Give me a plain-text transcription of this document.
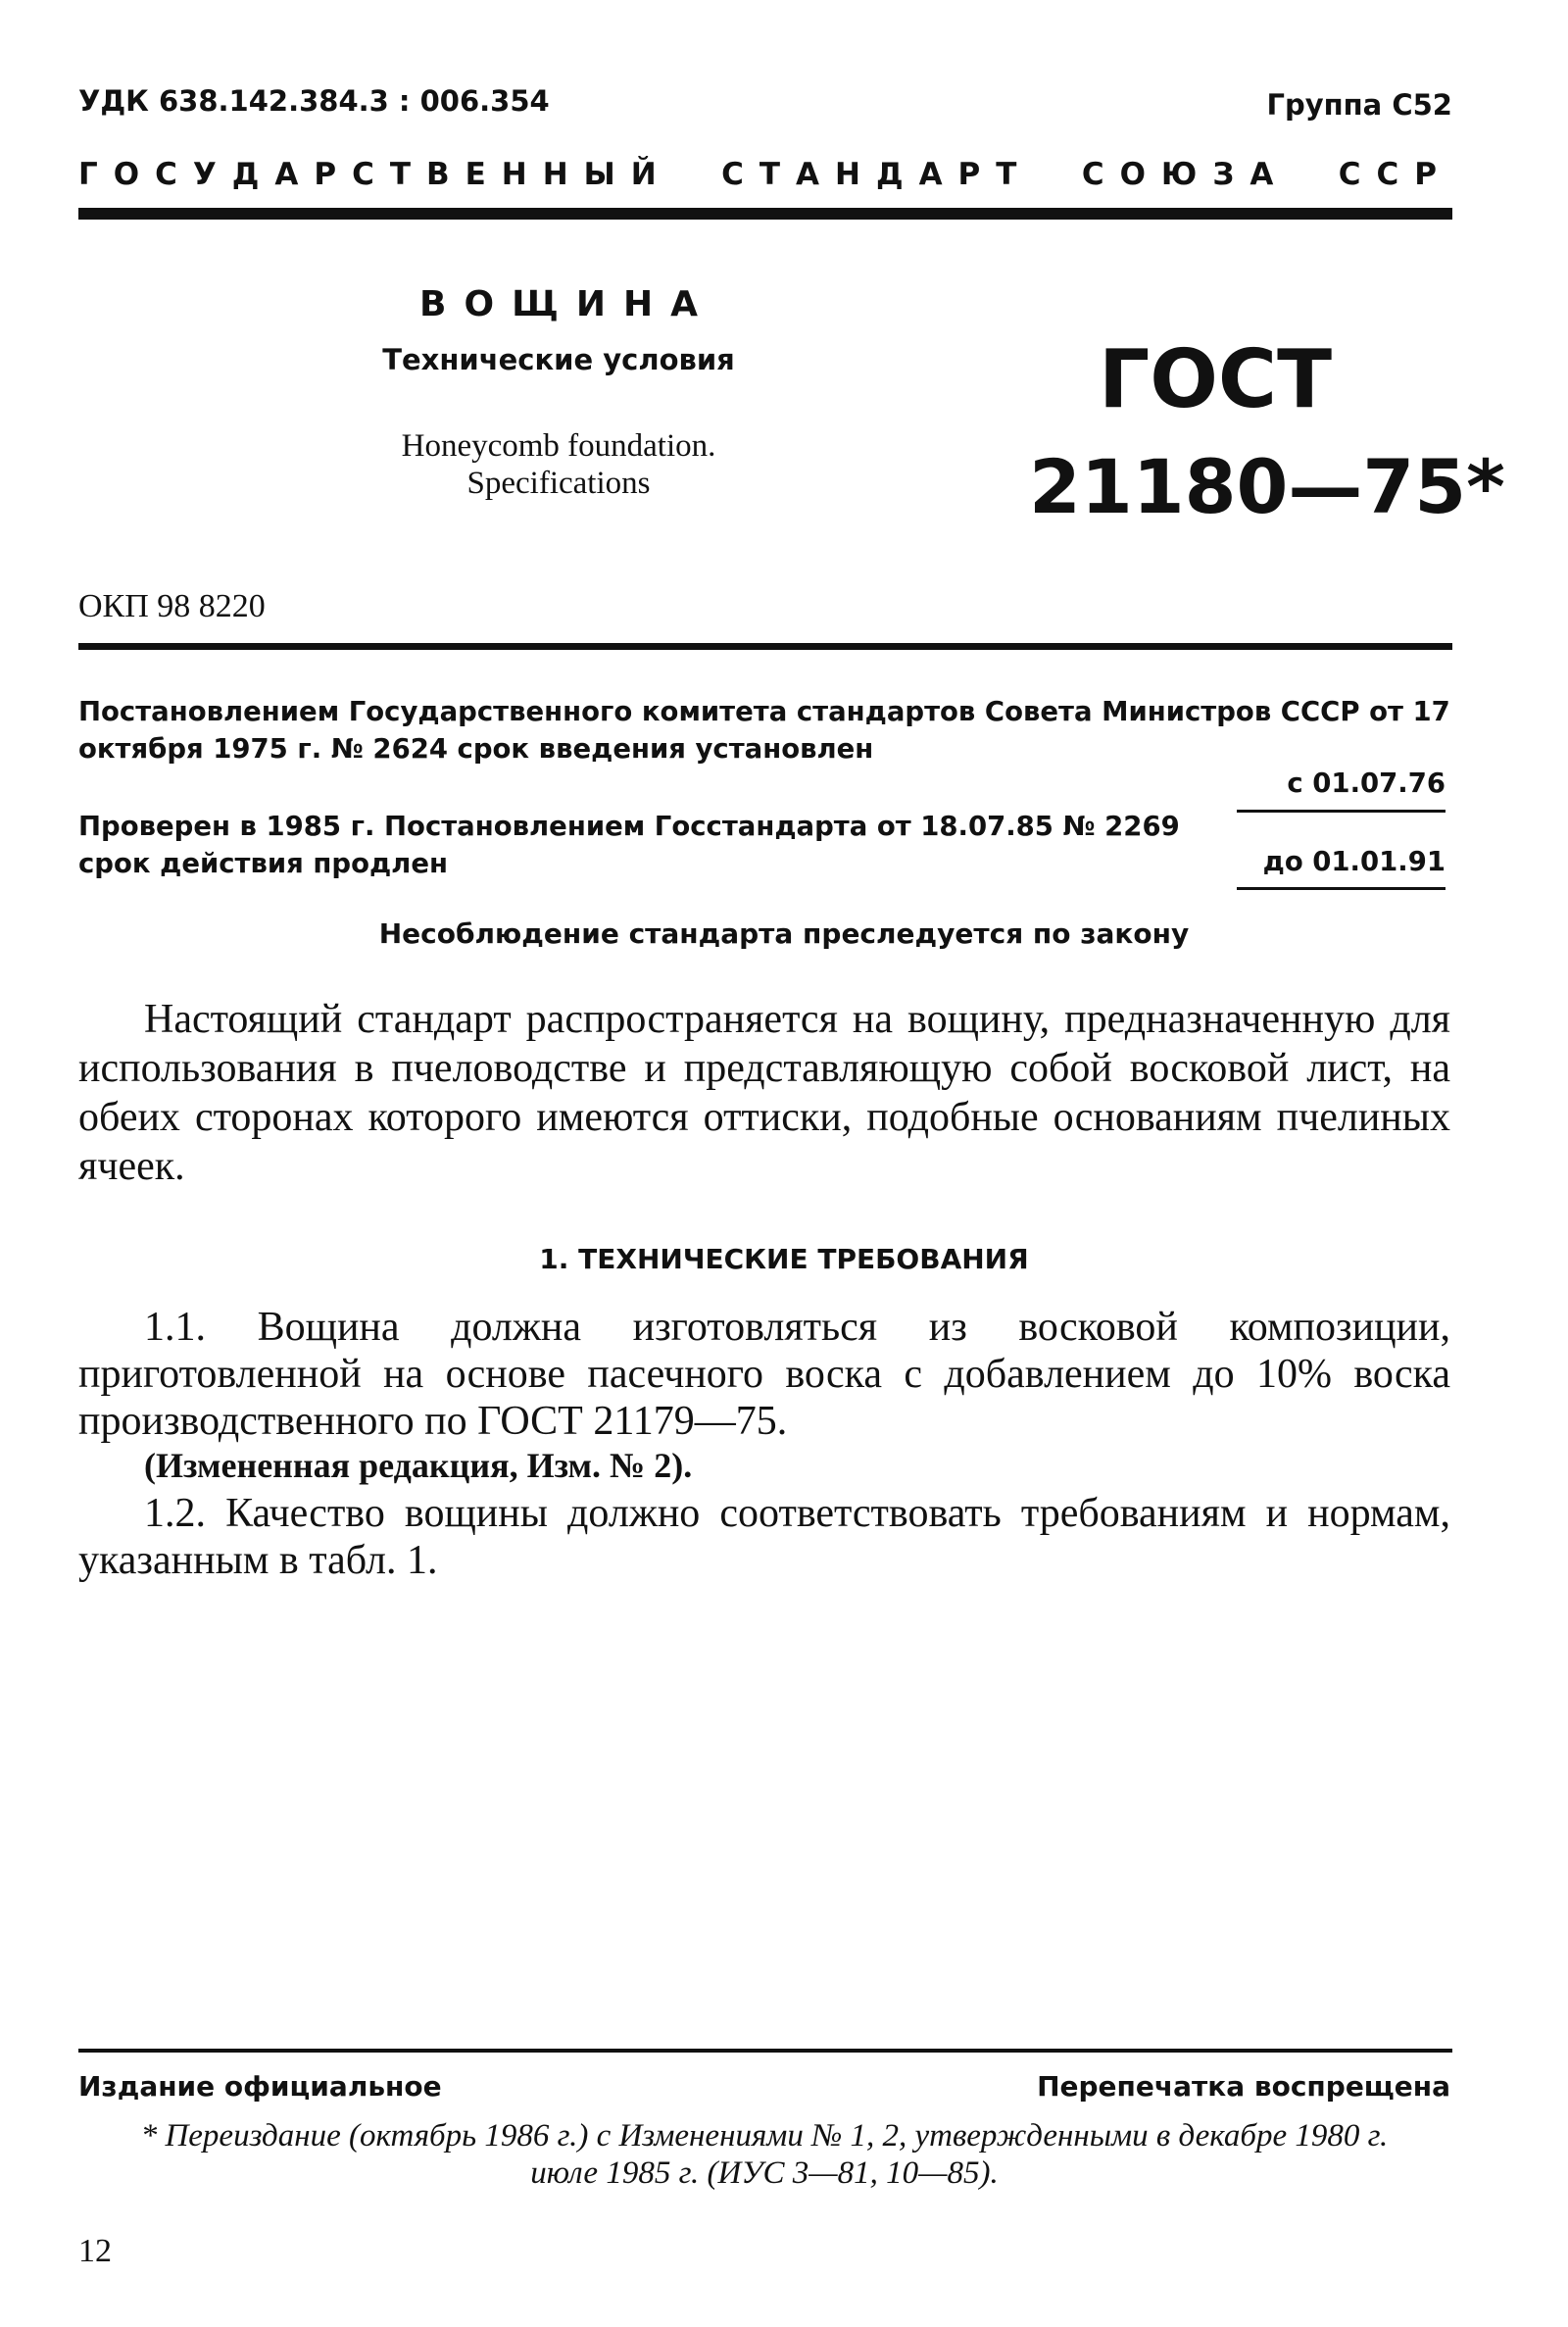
УДК 638.142.384.3 : 006.354	Группа С52
ГОСУДАРСТВЕННЫЙ СТАНДАРТ СОЮЗА ССР
ВОЩИНА
Технические условия
Honeycomb foundation. Specifications
ГОСТ
21180—75*
ОКП 98 8220
Постановлением Государственного комитета стандартов Совета Министров СССР от 17 октября 1975 г. № 2624 срок введения установлен
с 01.07.76
Проверен в 1985 г. Постановлением Госстандарта от 18.07.85 № 2269 срок действия продлен	до 01.01.91
Несоблюдение стандарта преследуется по закону
Настоящий стандарт распространяется на вощину, предназначенную для использования в пчеловодстве и представляющую собой восковой лист, на обеих сторонах которого имеются оттиски, подобные основаниям пчелиных ячеек.
1. ТЕХНИЧЕСКИЕ ТРЕБОВАНИЯ
1.1. Вощина должна изготовляться из восковой композиции, приготовленной на основе пасечного воска с добавлением до 10% воска производственного по ГОСТ 21179—75.
(Измененная редакция, Изм. № 2).
1.2. Качество вощины должно соответствовать требованиям и нормам, указанным в табл. 1.
Издание официальное	Перепечатка воспрещена
* Переиздание (октябрь 1986 г.) с Изменениями № 1, 2, утвержденными в декабре 1980 г. июле 1985 г. (ИУС 3—81, 10—85).
12
